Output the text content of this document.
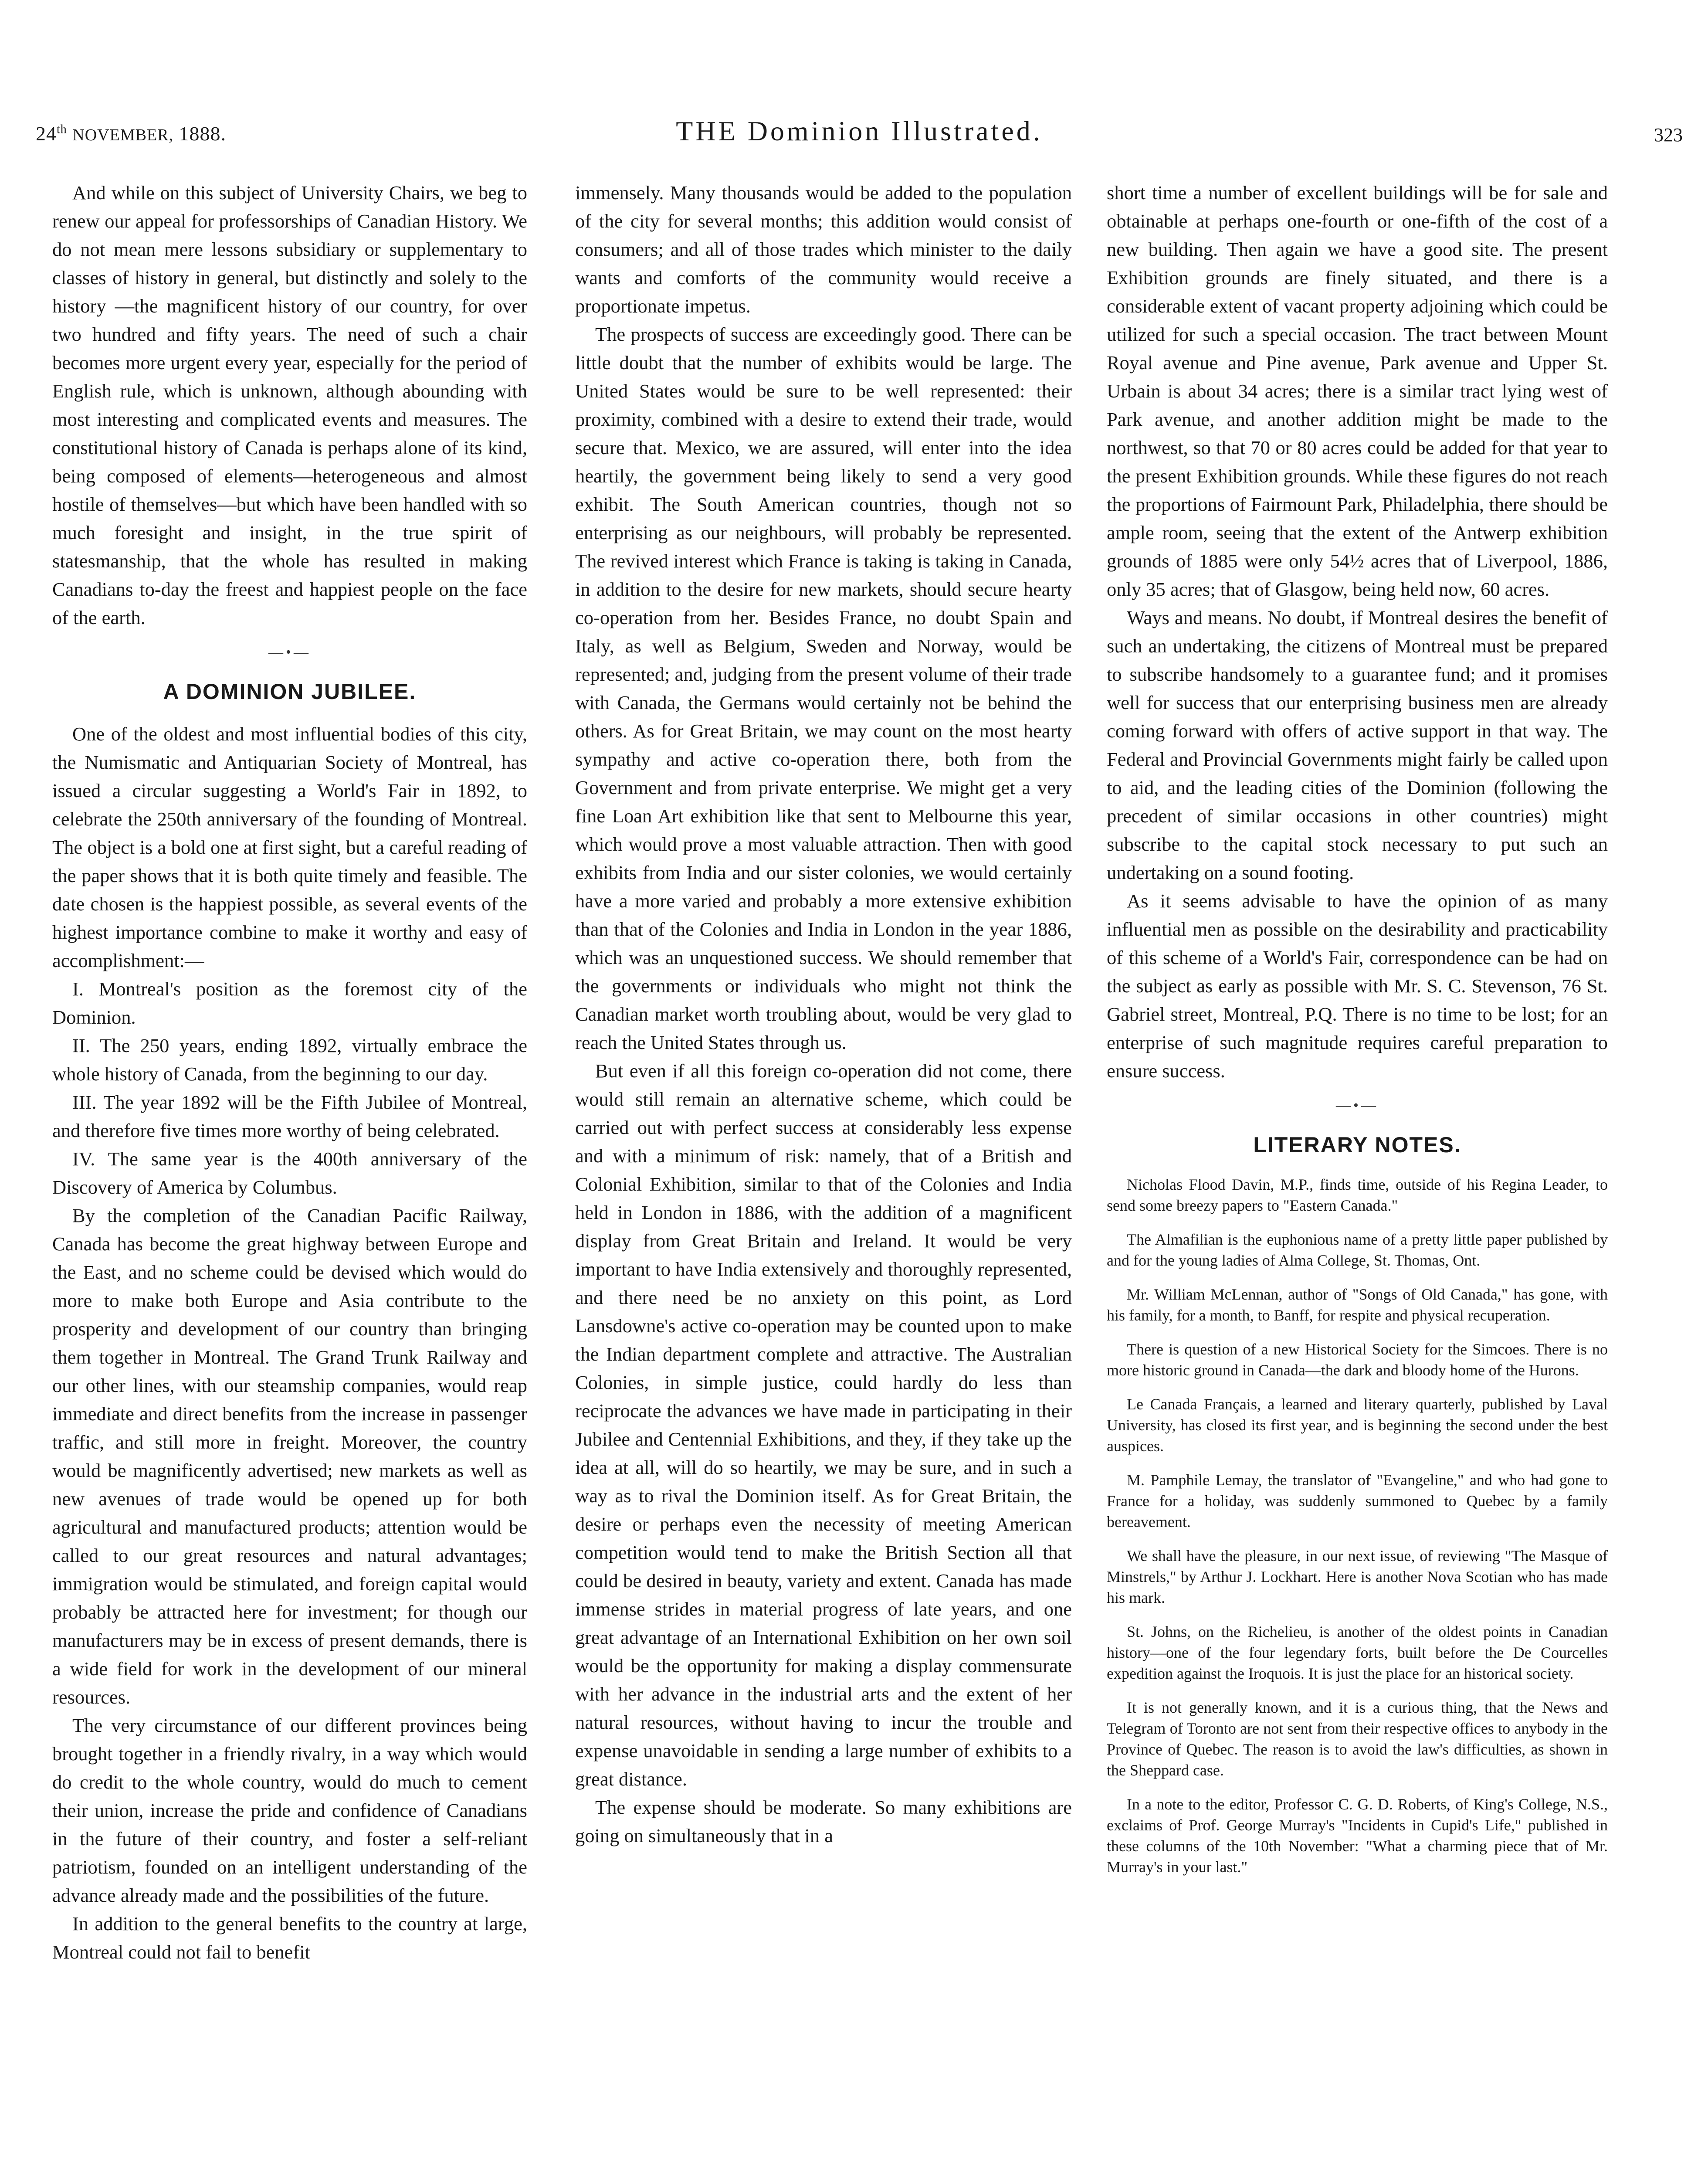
24th NOVEMBER, 1888.	THE Dominion Illustrated.	323

And while on this subject of University Chairs, we beg to renew our appeal for professorships of Canadian History. We do not mean mere lessons subsidiary or supplementary to classes of history in general, but distinctly and solely to the history —the magnificent history of our country, for over two hundred and fifty years. The need of such a chair becomes more urgent every year, especially for the period of English rule, which is unknown, although abounding with most interesting and complicated events and measures. The constitutional history of Canada is perhaps alone of its kind, being composed of elements—heterogeneous and almost hostile of themselves—but which have been handled with so much foresight and insight, in the true spirit of statesmanship, that the whole has resulted in making Canadians to-day the freest and happiest people on the face of the earth.

—•—

A DOMINION JUBILEE.

One of the oldest and most influential bodies of this city, the Numismatic and Antiquarian Society of Montreal, has issued a circular suggesting a World's Fair in 1892, to celebrate the 250th anniversary of the founding of Montreal. The object is a bold one at first sight, but a careful reading of the paper shows that it is both quite timely and feasible. The date chosen is the happiest possible, as several events of the highest importance combine to make it worthy and easy of accomplishment:—

I. Montreal's position as the foremost city of the Dominion.

II. The 250 years, ending 1892, virtually embrace the whole history of Canada, from the beginning to our day.

III. The year 1892 will be the Fifth Jubilee of Montreal, and therefore five times more worthy of being celebrated.

IV. The same year is the 400th anniversary of the Discovery of America by Columbus.

By the completion of the Canadian Pacific Railway, Canada has become the great highway between Europe and the East, and no scheme could be devised which would do more to make both Europe and Asia contribute to the prosperity and development of our country than bringing them together in Montreal. The Grand Trunk Railway and our other lines, with our steamship companies, would reap immediate and direct benefits from the increase in passenger traffic, and still more in freight. Moreover, the country would be magnificently advertised; new markets as well as new avenues of trade would be opened up for both agricultural and manufactured products; attention would be called to our great resources and natural advantages; immigration would be stimulated, and foreign capital would probably be attracted here for investment; for though our manufacturers may be in excess of present demands, there is a wide field for work in the development of our mineral resources.

The very circumstance of our different provinces being brought together in a friendly rivalry, in a way which would do credit to the whole country, would do much to cement their union, increase the pride and confidence of Canadians in the future of their country, and foster a self-reliant patriotism, founded on an intelligent understanding of the advance already made and the possibilities of the future.

In addition to the general benefits to the country at large, Montreal could not fail to benefit

immensely. Many thousands would be added to the population of the city for several months; this addition would consist of consumers; and all of those trades which minister to the daily wants and comforts of the community would receive a proportionate impetus.

The prospects of success are exceedingly good. There can be little doubt that the number of exhibits would be large. The United States would be sure to be well represented: their proximity, combined with a desire to extend their trade, would secure that. Mexico, we are assured, will enter into the idea heartily, the government being likely to send a very good exhibit. The South American countries, though not so enterprising as our neighbours, will probably be represented. The revived interest which France is taking is taking in Canada, in addition to the desire for new markets, should secure hearty co-operation from her. Besides France, no doubt Spain and Italy, as well as Belgium, Sweden and Norway, would be represented; and, judging from the present volume of their trade with Canada, the Germans would certainly not be behind the others. As for Great Britain, we may count on the most hearty sympathy and active co-operation there, both from the Government and from private enterprise. We might get a very fine Loan Art exhibition like that sent to Melbourne this year, which would prove a most valuable attraction. Then with good exhibits from India and our sister colonies, we would certainly have a more varied and probably a more extensive exhibition than that of the Colonies and India in London in the year 1886, which was an unquestioned success. We should remember that the governments or individuals who might not think the Canadian market worth troubling about, would be very glad to reach the United States through us.

But even if all this foreign co-operation did not come, there would still remain an alternative scheme, which could be carried out with perfect success at considerably less expense and with a minimum of risk: namely, that of a British and Colonial Exhibition, similar to that of the Colonies and India held in London in 1886, with the addition of a magnificent display from Great Britain and Ireland. It would be very important to have India extensively and thoroughly represented, and there need be no anxiety on this point, as Lord Lansdowne's active co-operation may be counted upon to make the Indian department complete and attractive. The Australian Colonies, in simple justice, could hardly do less than reciprocate the advances we have made in participating in their Jubilee and Centennial Exhibitions, and they, if they take up the idea at all, will do so heartily, we may be sure, and in such a way as to rival the Dominion itself. As for Great Britain, the desire or perhaps even the necessity of meeting American competition would tend to make the British Section all that could be desired in beauty, variety and extent. Canada has made immense strides in material progress of late years, and one great advantage of an International Exhibition on her own soil would be the opportunity for making a display commensurate with her advance in the industrial arts and the extent of her natural resources, without having to incur the trouble and expense unavoidable in sending a large number of exhibits to a great distance.

The expense should be moderate. So many exhibitions are going on simultaneously that in a

short time a number of excellent buildings will be for sale and obtainable at perhaps one-fourth or one-fifth of the cost of a new building. Then again we have a good site. The present Exhibition grounds are finely situated, and there is a considerable extent of vacant property adjoining which could be utilized for such a special occasion. The tract between Mount Royal avenue and Pine avenue, Park avenue and Upper St. Urbain is about 34 acres; there is a similar tract lying west of Park avenue, and another addition might be made to the northwest, so that 70 or 80 acres could be added for that year to the present Exhibition grounds. While these figures do not reach the proportions of Fairmount Park, Philadelphia, there should be ample room, seeing that the extent of the Antwerp exhibition grounds of 1885 were only 54½ acres that of Liverpool, 1886, only 35 acres; that of Glasgow, being held now, 60 acres.

Ways and means. No doubt, if Montreal desires the benefit of such an undertaking, the citizens of Montreal must be prepared to subscribe handsomely to a guarantee fund; and it promises well for success that our enterprising business men are already coming forward with offers of active support in that way. The Federal and Provincial Governments might fairly be called upon to aid, and the leading cities of the Dominion (following the precedent of similar occasions in other countries) might subscribe to the capital stock necessary to put such an undertaking on a sound footing.

As it seems advisable to have the opinion of as many influential men as possible on the desirability and practicability of this scheme of a World's Fair, correspondence can be had on the subject as early as possible with Mr. S. C. Stevenson, 76 St. Gabriel street, Montreal, P.Q. There is no time to be lost; for an enterprise of such magnitude requires careful preparation to ensure success.

—•—

LITERARY NOTES.

Nicholas Flood Davin, M.P., finds time, outside of his Regina Leader, to send some breezy papers to "Eastern Canada."

The Almafilian is the euphonious name of a pretty little paper published by and for the young ladies of Alma College, St. Thomas, Ont.

Mr. William McLennan, author of "Songs of Old Canada," has gone, with his family, for a month, to Banff, for respite and physical recuperation.

There is question of a new Historical Society for the Simcoes. There is no more historic ground in Canada—the dark and bloody home of the Hurons.

Le Canada Français, a learned and literary quarterly, published by Laval University, has closed its first year, and is beginning the second under the best auspices.

M. Pamphile Lemay, the translator of "Evangeline," and who had gone to France for a holiday, was suddenly summoned to Quebec by a family bereavement.

We shall have the pleasure, in our next issue, of reviewing "The Masque of Minstrels," by Arthur J. Lockhart. Here is another Nova Scotian who has made his mark.

St. Johns, on the Richelieu, is another of the oldest points in Canadian history—one of the four legendary forts, built before the De Courcelles expedition against the Iroquois. It is just the place for an historical society.

It is not generally known, and it is a curious thing, that the News and Telegram of Toronto are not sent from their respective offices to anybody in the Province of Quebec. The reason is to avoid the law's difficulties, as shown in the Sheppard case.

In a note to the editor, Professor C. G. D. Roberts, of King's College, N.S., exclaims of Prof. George Murray's "Incidents in Cupid's Life," published in these columns of the 10th November: "What a charming piece that of Mr. Murray's in your last."
